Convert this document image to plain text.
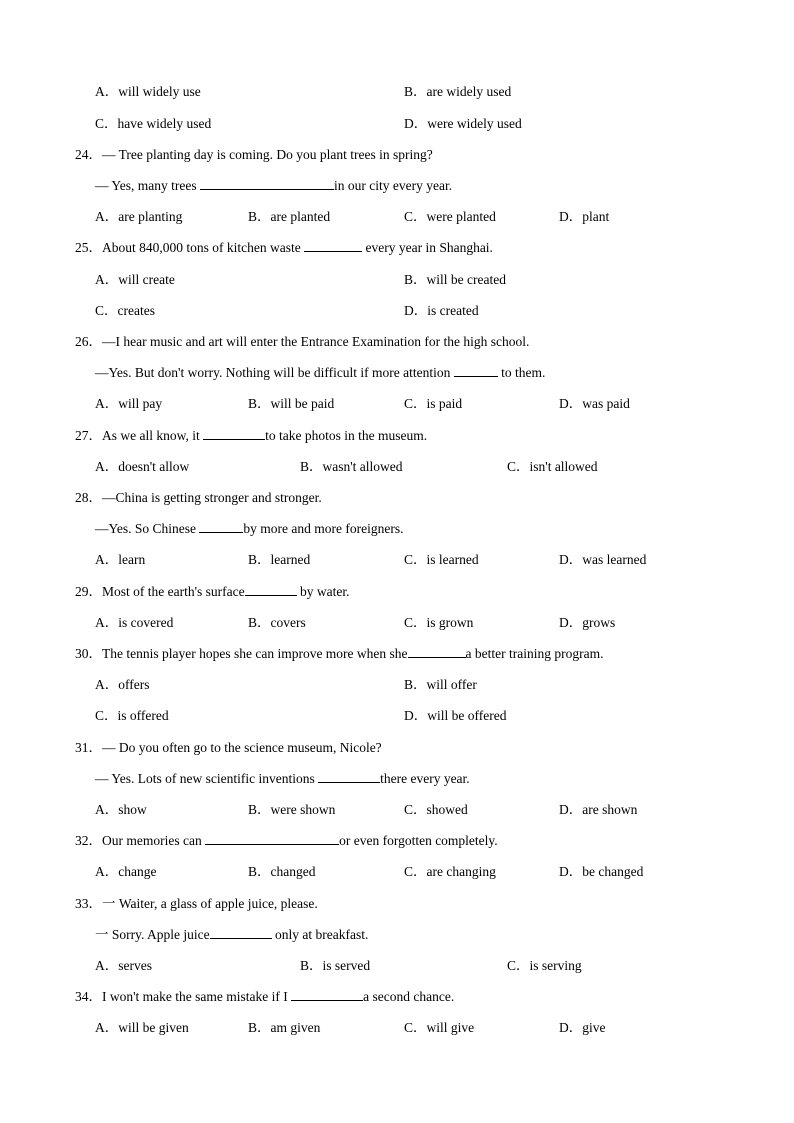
A．will widely use	B．are widely used
C．have widely used	D．were widely used
24．— Tree planting day is coming. Do you plant trees in spring?
— Yes, many trees	in our city every year.
A．are planting	B．are planted	C．were planted	D．plant
25．About 840,000 tons of kitchen waste	every year in Shanghai.
A．will create	B．will be created
C．creates	D．is created
26．—I hear music and art will enter the Entrance Examination for the high school.
—Yes. But don't worry. Nothing will be difficult if more attention	to them.
A．will pay	B．will be paid	C．is paid	D．was paid
27．As we all know, it	to take photos in the museum.
A．doesn't allow	B．wasn't allowed	C．isn't allowed
28．—China is getting stronger and stronger.
—Yes. So Chinese	by more and more foreigners.
A．learn	B．learned	C．is learned	D．was learned
29．Most of the earth's surface	by water.
A．is covered	B．covers	C．is grown	D．grows
30．The tennis player hopes she can improve more when she	a better training program.
A．offers	B．will offer
C．is offered	D．will be offered
31．— Do you often go to the science museum, Nicole?
— Yes. Lots of new scientific inventions	there every year.
A．show	B．were shown	C．showed	D．are shown
32．Our memories can	or even forgotten completely.
A．change	B．changed	C．are changing	D．be changed
33．一 Waiter, a glass of apple juice, please.
一 Sorry. Apple juice	only at breakfast.
A．serves	B．is served	C．is serving
34．I won't make the same mistake if I	a second chance.
A．will be given	B．am given	C．will give	D．give
